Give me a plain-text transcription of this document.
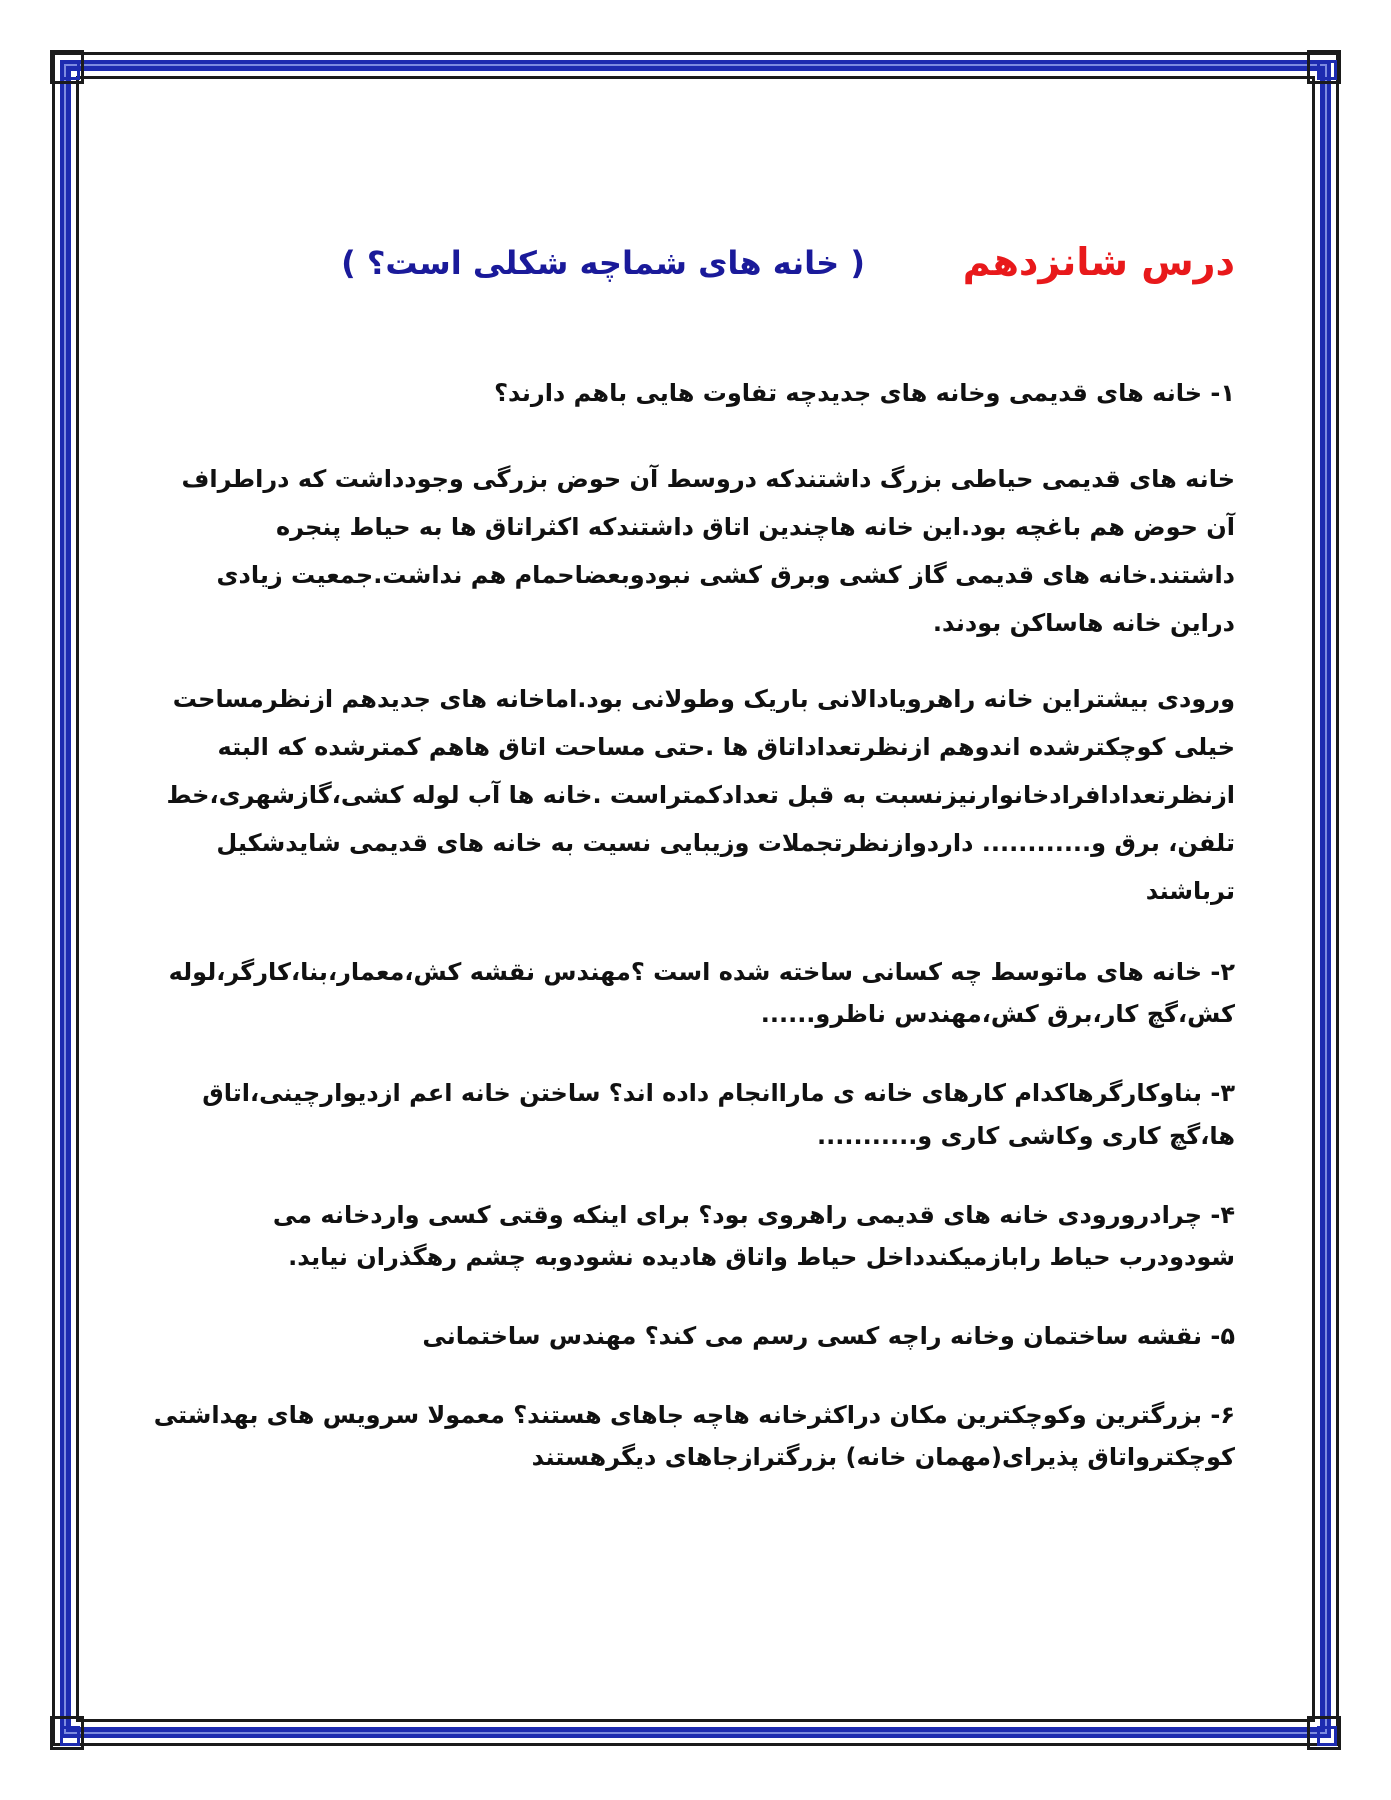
درس شانزدهم
( خانه های شماچه شکلی است؟ )

۱- خانه های قدیمی وخانه های جدیدچه تفاوت هایی باهم دارند؟

خانه های قدیمی حیاطی بزرگ داشتندکه دروسط آن حوض بزرگی وجودداشت که دراطراف آن حوض هم باغچه بود.این خانه هاچندین اتاق داشتندکه اکثراتاق ها به حیاط پنجره داشتند.خانه های قدیمی گاز کشی وبرق کشی نبودوبعضاحمام هم نداشت.جمعیت زیادی دراین خانه هاساکن بودند.

ورودی بیشتراین خانه راهرویادالانی باریک وطولانی بود.اماخانه های جدیدهم ازنظرمساحت خیلی کوچکترشده اندوهم ازنظرتعداداتاق ها .حتی مساحت اتاق هاهم کمترشده که البته ازنظرتعدادافرادخانوارنیزنسبت به قبل تعدادکمتراست .خانه ها آب لوله کشی،گازشهری،خط تلفن، برق و............ داردوازنظرتجملات وزیبایی نسیت به خانه های قدیمی شایدشکیل ترباشند

۲- خانه های ماتوسط چه کسانی ساخته شده است ؟مهندس نقشه کش،معمار،بنا،کارگر،لوله کش،گچ کار،برق کش،مهندس ناظرو......

۳- بناوکارگرهاکدام کارهای خانه ی ماراانجام داده اند؟ ساختن خانه اعم ازدیوارچینی،اتاق ها،گچ کاری وکاشی کاری و...........

۴- چرادرورودی خانه های قدیمی راهروی بود؟ برای اینکه وقتی کسی واردخانه می شودودرب حیاط رابازمیکندداخل حیاط واتاق هادیده نشودوبه چشم رهگذران نیاید.

۵- نقشه ساختمان وخانه راچه کسی رسم می کند؟ مهندس ساختمانی

۶- بزرگترین وکوچکترین مکان دراکثرخانه هاچه جاهای هستند؟ معمولا سرویس های بهداشتی کوچکترواتاق پذیرای(مهمان خانه) بزرگترازجاهای دیگرهستند
